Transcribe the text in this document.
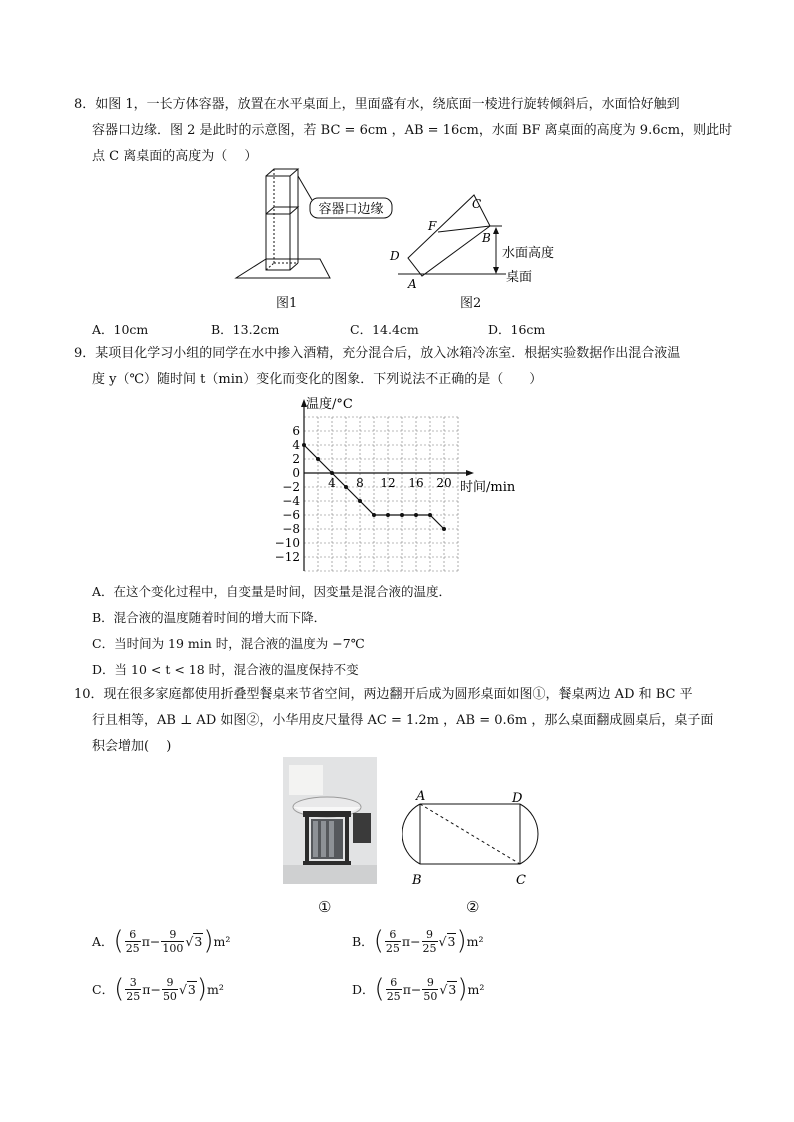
8．如图 1，一长方体容器，放置在水平桌面上，里面盛有水，绕底面一棱进行旋转倾斜后，水面恰好触到
容器口边缘．图 2 是此时的示意图，若 BC = 6cm ，AB = 16cm，水面 BF 离桌面的高度为 9.6cm，则此时
点 C 离桌面的高度为（　 ）
容器口边缘
图1
C
F
B
D
A
水面高度
桌面
图2
A．10cm	B．13.2cm	C．14.4cm	D．16cm
9．某项目化学习小组的同学在水中掺入酒精，充分混合后，放入冰箱冷冻室．根据实验数据作出混合液温
度 y（℃）随时间 t（min）变化而变化的图象．下列说法不正确的是（　　）
6
4
2
0
−2
−4
−6
−8
−10
−12
4 8 12 16 20
温度/°C
时间/min
A．在这个变化过程中，自变量是时间，因变量是混合液的温度．
B．混合液的温度随着时间的增大而下降．
C．当时间为 19 min 时，混合液的温度为 −7℃
D．当 10 < t < 18 时，混合液的温度保持不变
10．现在很多家庭都使用折叠型餐桌来节省空间，两边翻开后成为圆形桌面如图①，餐桌两边 AD 和 BC 平
行且相等，AB ⊥ AD 如图②，小华用皮尺量得 AC = 1.2m ，AB = 0.6m ，那么桌面翻成圆桌后，桌子面
积会增加(　 )
A	D
B	C
①	②
A． ( $\frac{6}{25}$ $\pi - \frac{9}{100}$ √ 3 ) m²	B． ( $\frac{6}{25}$ $\pi - \frac{9}{25}$ √ 3 ) m²
C． ( $\frac{3}{25}$ $\pi - \frac{9}{50}$ √ 3 ) m²	D． ( $\frac{6}{25}$ $\pi - \frac{9}{50}$ √ 3 ) m²
